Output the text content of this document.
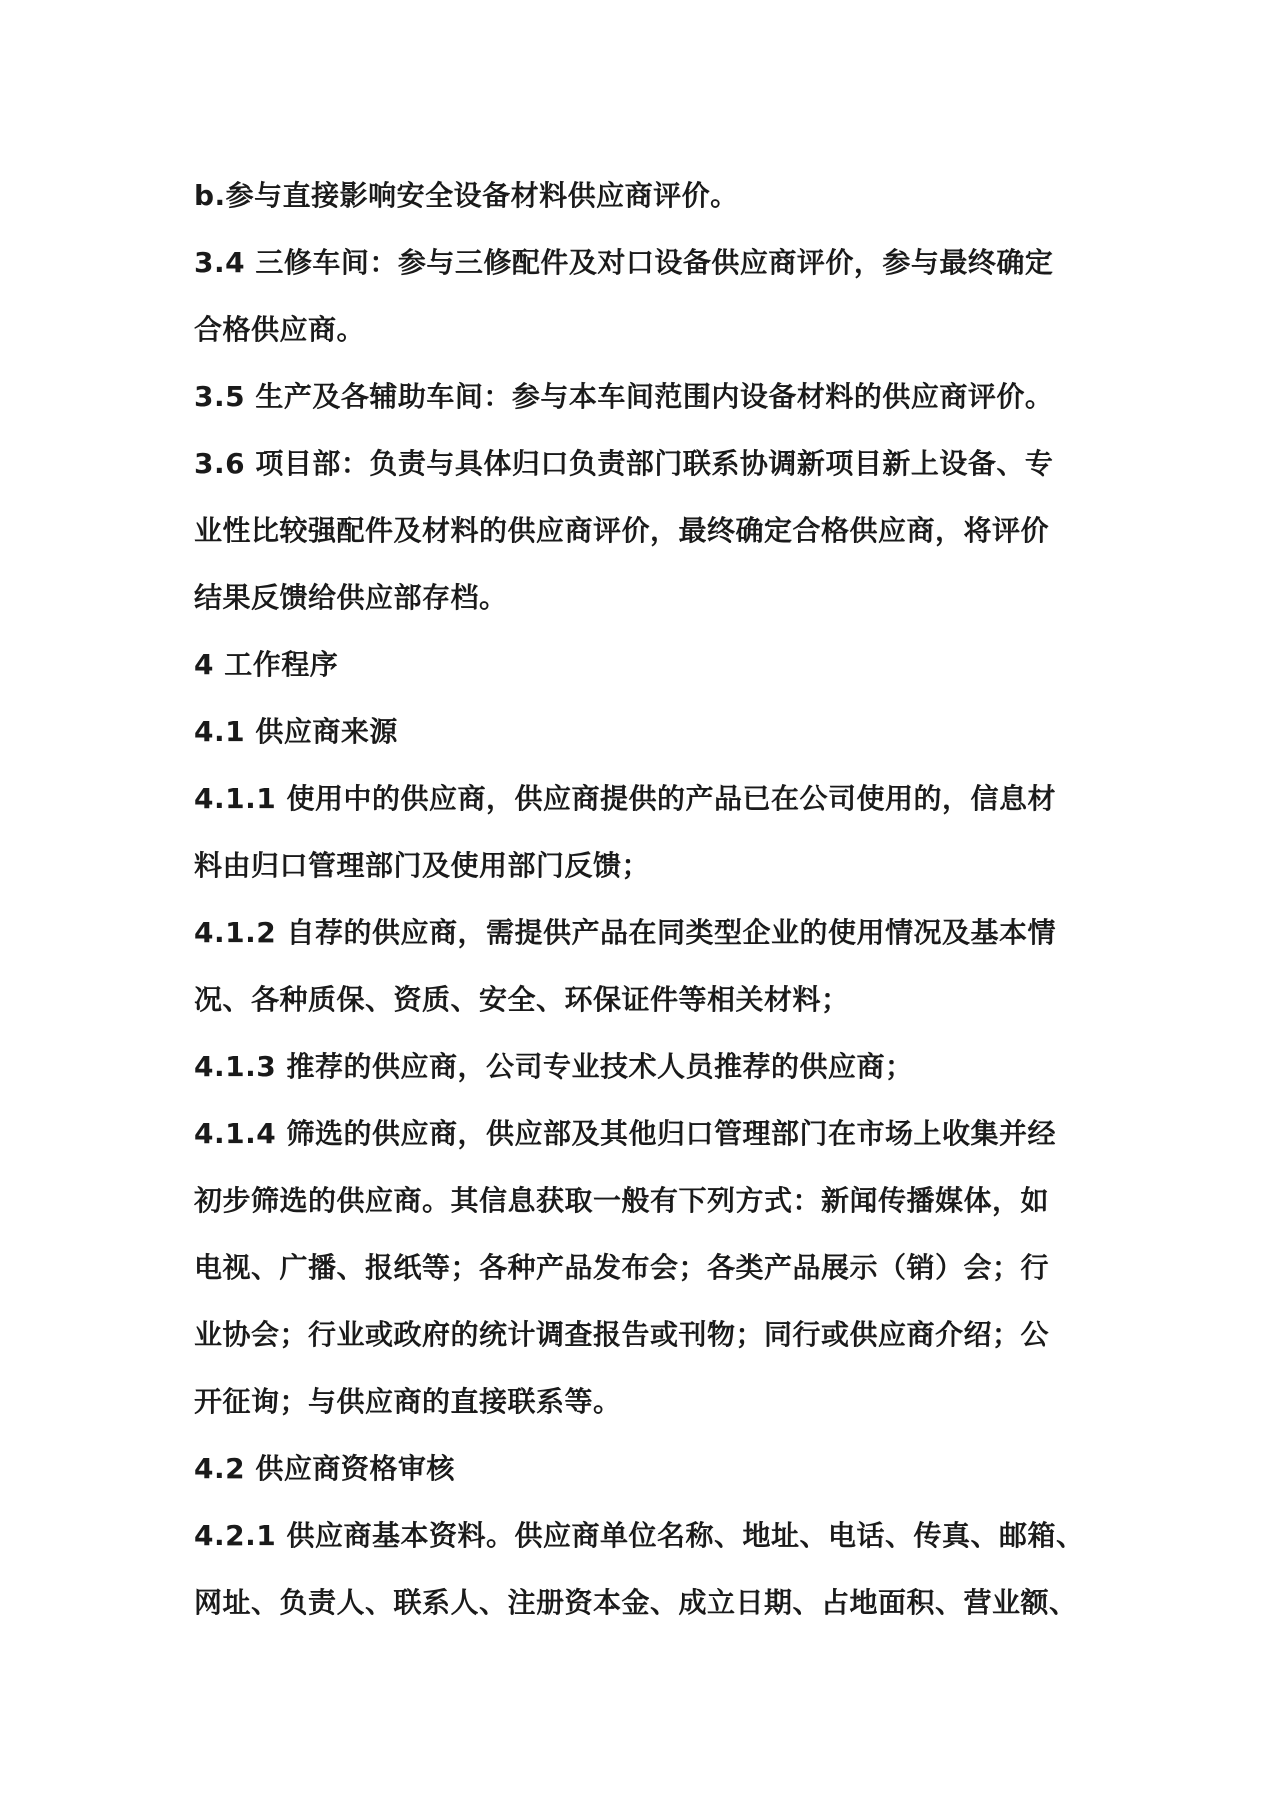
b.参与直接影响安全设备材料供应商评价。

3.4 三修车间：参与三修配件及对口设备供应商评价，参与最终确定

合格供应商。

3.5 生产及各辅助车间：参与本车间范围内设备材料的供应商评价。

3.6 项目部：负责与具体归口负责部门联系协调新项目新上设备、专

业性比较强配件及材料的供应商评价，最终确定合格供应商，将评价

结果反馈给供应部存档。

4 工作程序

4.1 供应商来源

4.1.1 使用中的供应商，供应商提供的产品已在公司使用的，信息材

料由归口管理部门及使用部门反馈；

4.1.2 自荐的供应商，需提供产品在同类型企业的使用情况及基本情

况、各种质保、资质、安全、环保证件等相关材料；

4.1.3 推荐的供应商，公司专业技术人员推荐的供应商；

4.1.4 筛选的供应商，供应部及其他归口管理部门在市场上收集并经

初步筛选的供应商。其信息获取一般有下列方式：新闻传播媒体，如

电视、广播、报纸等；各种产品发布会；各类产品展示（销）会；行

业协会；行业或政府的统计调查报告或刊物；同行或供应商介绍；公

开征询；与供应商的直接联系等。

4.2 供应商资格审核

4.2.1 供应商基本资料。供应商单位名称、地址、电话、传真、邮箱、

网址、负责人、联系人、注册资本金、成立日期、占地面积、营业额、
